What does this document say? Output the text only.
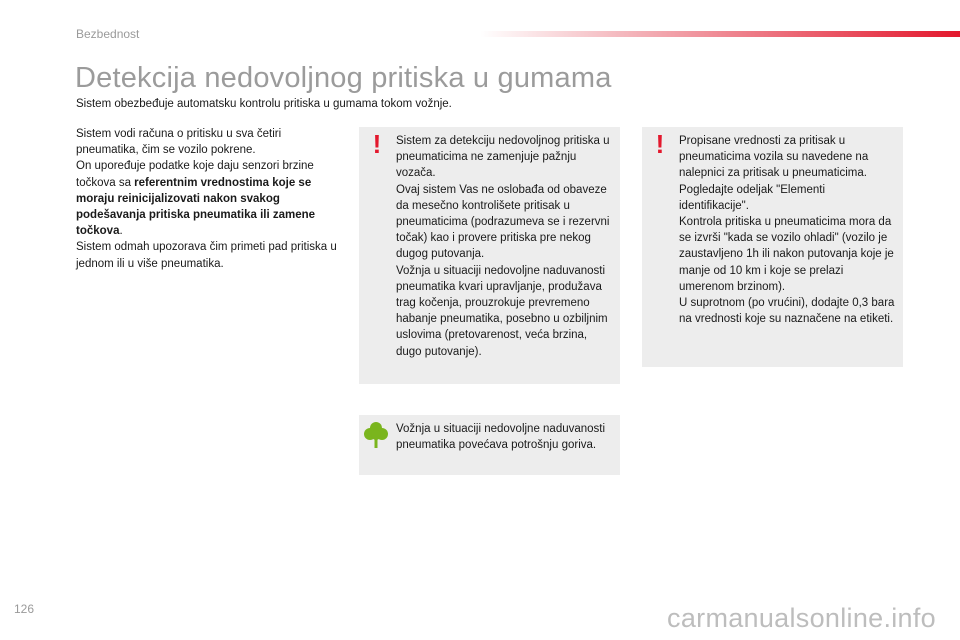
Bezbednost
Detekcija nedovoljnog pritiska u gumama
Sistem obezbeđuje automatsku kontrolu pritiska u gumama tokom vožnje.

Sistem vodi računa o pritisku u sva četiri pneumatika, čim se vozilo pokrene.

On upoređuje podatke koje daju senzori brzine točkova sa referentnim vrednostima koje se moraju reinicijalizovati nakon svakog podešavanja pritiska pneumatika ili zamene točkova.

Sistem odmah upozorava čim primeti pad pritiska u jednom ili u više pneumatika.

!	Sistem za detekciju nedovoljnog pritiska u pneumaticima ne zamenjuje pažnju vozača.

Ovaj sistem Vas ne oslobađa od obaveze da mesečno kontrolišete pritisak u pneumaticima (podrazumeva se i rezervni točak) kao i provere pritiska pre nekog dugog putovanja.

Vožnja u situaciji nedovoljne naduvanosti pneumatika kvari upravljanje, produžava trag kočenja, prouzrokuje prevremeno habanje pneumatika, posebno u ozbiljnim uslovima (pretovarenost, veća brzina, dugo putovanje).

!	Propisane vrednosti za pritisak u pneumaticima vozila su navedene na nalepnici za pritisak u pneumaticima.

Pogledajte odeljak "Elementi identifikacije".

Kontrola pritiska u pneumaticima mora da se izvrši "kada se vozilo ohladi" (vozilo je zaustavljeno 1h ili nakon putovanja koje je manje od 10 km i koje se prelazi umerenom brzinom).

U suprotnom (po vrućini), dodajte 0,3 bara na vrednosti koje su naznačene na etiketi.

Vožnja u situaciji nedovoljne naduvanosti pneumatika povećava potrošnju goriva.
126	carmanualsonline.info
